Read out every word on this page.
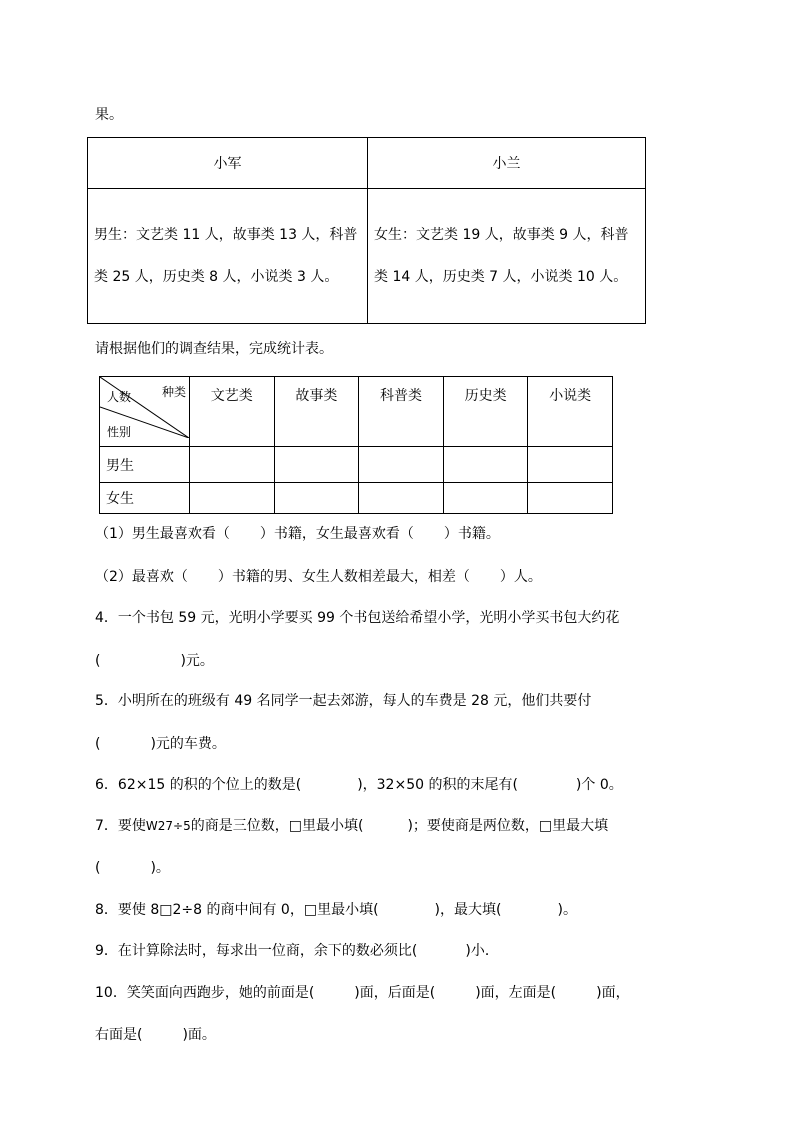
果。
小军	小兰
男生：文艺类 11 人，故事类 13 人，科普类 25 人，历史类 8 人，小说类 3 人。	女生：文艺类 19 人，故事类 9 人，科普类 14 人，历史类 7 人，小说类 10 人。
请根据他们的调查结果，完成统计表。
种类
人数
性别	文艺类	故事类	科普类	历史类	小说类
男生					
女生					
（1）男生最喜欢看（ ）书籍，女生最喜欢看（ ）书籍。
（2）最喜欢（ ）书籍的男、女生人数相差最大，相差（ ）人。
4．一个书包 59 元，光明小学要买 99 个书包送给希望小学，光明小学买书包大约花
(	)元。
5．小明所在的班级有 49 名同学一起去郊游，每人的车费是 28 元，他们共要付
(	)元的车费。
6．62×15 的积的个位上的数是(	)，32×50 的积的末尾有(	)个 0。
7．要使W27÷5的商是三位数，□里最小填(	)；要使商是两位数，□里最大填
(	)。
8．要使 8□2÷8 的商中间有 0，□里最小填(	)，最大填(	)。
9．在计算除法时，每求出一位商，余下的数必须比(	)小．
10．笑笑面向西跑步，她的前面是(	)面，后面是(	)面，左面是(	)面，
右面是(	)面。
